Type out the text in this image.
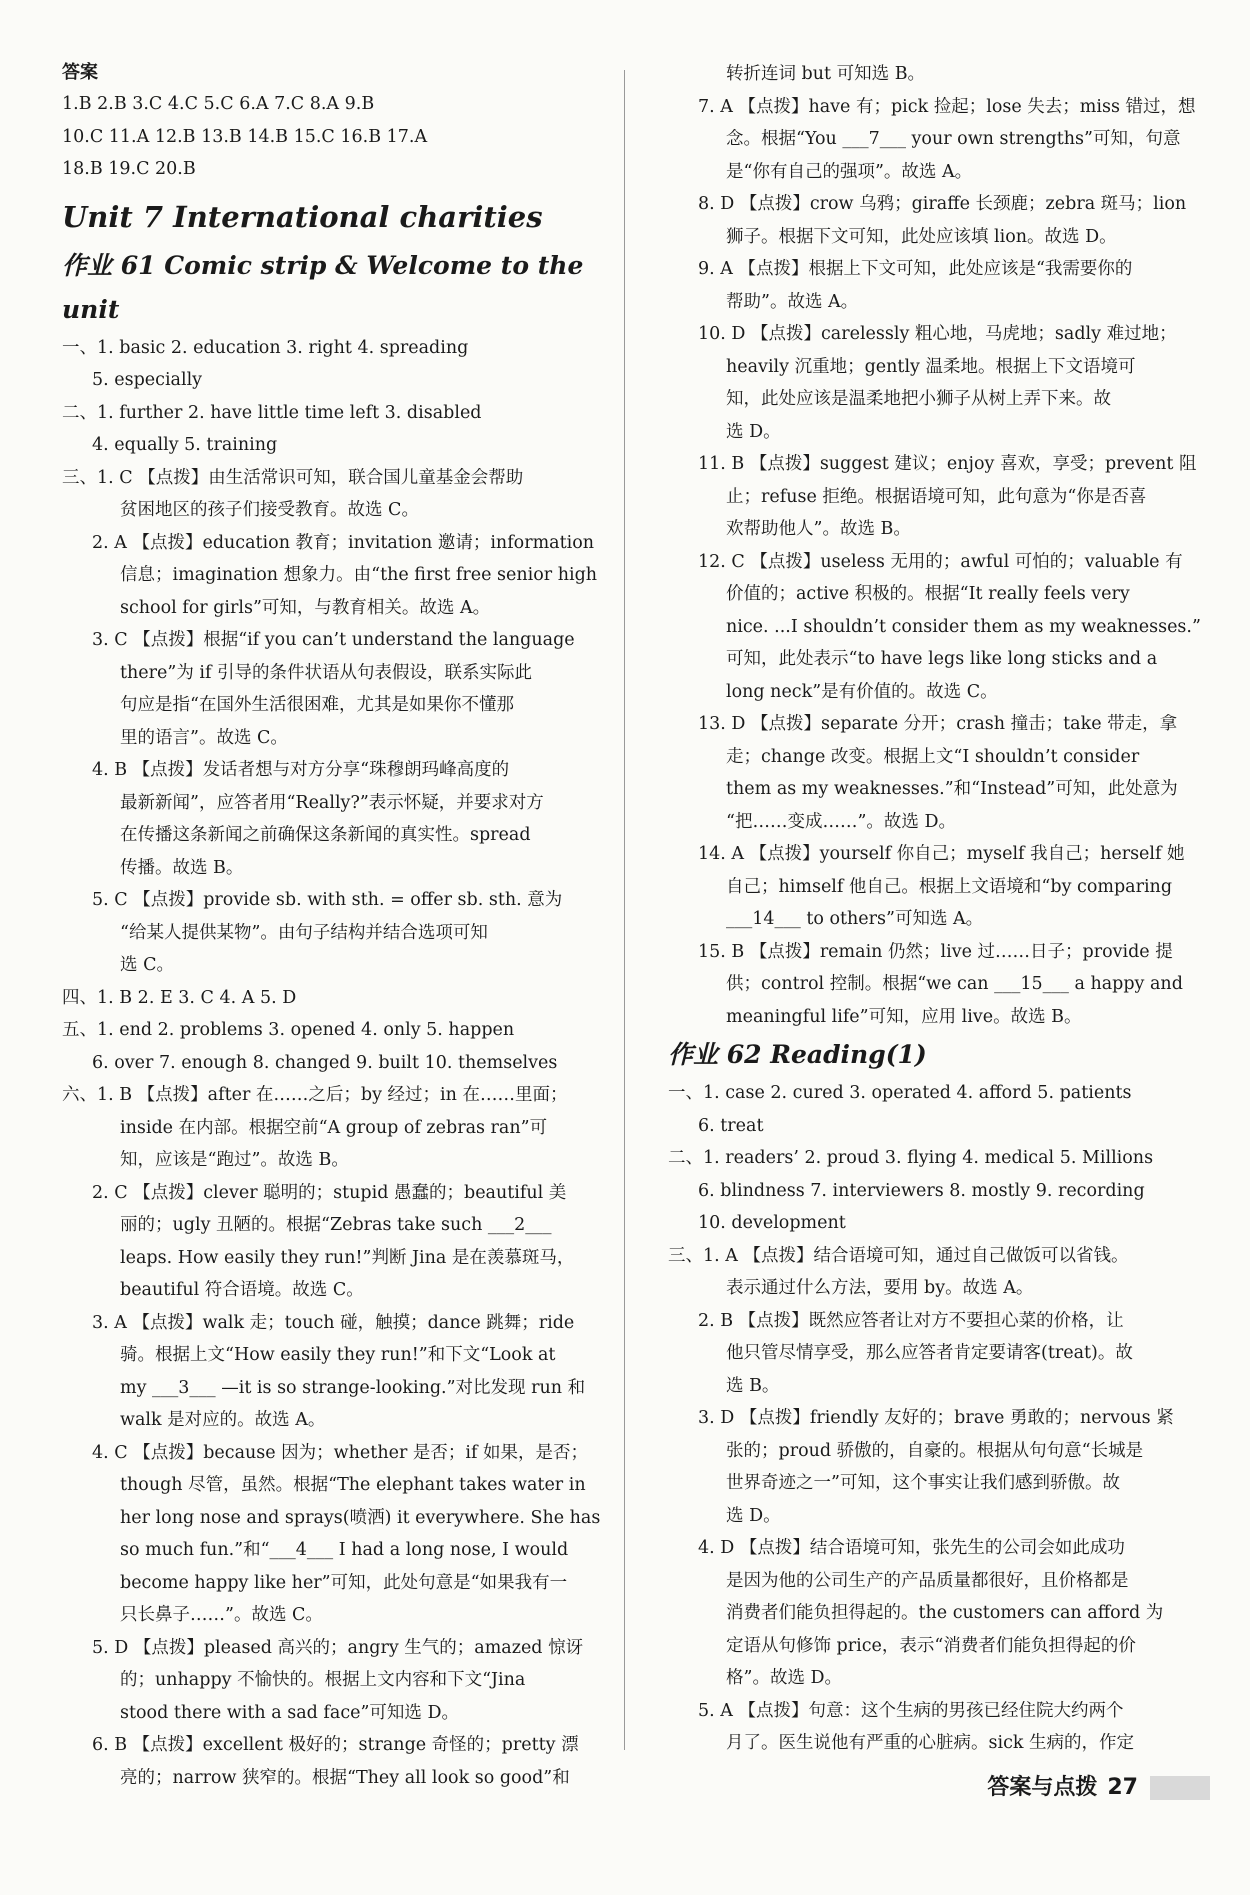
答案
1.B 2.B 3.C 4.C 5.C 6.A 7.C 8.A 9.B
10.C 11.A 12.B 13.B 14.B 15.C 16.B 17.A
18.B 19.C 20.B
Unit 7 International charities
作业 61 Comic strip & Welcome to the unit
一、1. basic 2. education 3. right 4. spreading
5. especially
二、1. further 2. have little time left 3. disabled
4. equally 5. training
三、1. C 【点拨】由生活常识可知，联合国儿童基金会帮助
贫困地区的孩子们接受教育。故选 C。
2. A 【点拨】education 教育；invitation 邀请；information
信息；imagination 想象力。由“the first free senior high
school for girls”可知，与教育相关。故选 A。
3. C 【点拨】根据“if you can’t understand the language
there”为 if 引导的条件状语从句表假设，联系实际此
句应是指“在国外生活很困难，尤其是如果你不懂那
里的语言”。故选 C。
4. B 【点拨】发话者想与对方分享“珠穆朗玛峰高度的
最新新闻”，应答者用“Really?”表示怀疑，并要求对方
在传播这条新闻之前确保这条新闻的真实性。spread
传播。故选 B。
5. C 【点拨】provide sb. with sth. = offer sb. sth. 意为
“给某人提供某物”。由句子结构并结合选项可知
选 C。
四、1. B 2. E 3. C 4. A 5. D
五、1. end 2. problems 3. opened 4. only 5. happen
6. over 7. enough 8. changed 9. built 10. themselves
六、1. B 【点拨】after 在……之后；by 经过；in 在……里面；
inside 在内部。根据空前“A group of zebras ran”可
知，应该是“跑过”。故选 B。
2. C 【点拨】clever 聪明的；stupid 愚蠢的；beautiful 美
丽的；ugly 丑陋的。根据“Zebras take such ___2___
leaps. How easily they run!”判断 Jina 是在羡慕斑马，
beautiful 符合语境。故选 C。
3. A 【点拨】walk 走；touch 碰，触摸；dance 跳舞；ride
骑。根据上文“How easily they run!”和下文“Look at
my ___3___ —it is so strange-looking.”对比发现 run 和
walk 是对应的。故选 A。
4. C 【点拨】because 因为；whether 是否；if 如果，是否；
though 尽管，虽然。根据“The elephant takes water in
her long nose and sprays(喷洒) it everywhere. She has
so much fun.”和“___4___ I had a long nose, I would
become happy like her”可知，此处句意是“如果我有一
只长鼻子……”。故选 C。
5. D 【点拨】pleased 高兴的；angry 生气的；amazed 惊讶
的；unhappy 不愉快的。根据上文内容和下文“Jina
stood there with a sad face”可知选 D。
6. B 【点拨】excellent 极好的；strange 奇怪的；pretty 漂
亮的；narrow 狭窄的。根据“They all look so good”和
转折连词 but 可知选 B。
7. A 【点拨】have 有；pick 捡起；lose 失去；miss 错过，想
念。根据“You ___7___ your own strengths”可知，句意
是“你有自己的强项”。故选 A。
8. D 【点拨】crow 乌鸦；giraffe 长颈鹿；zebra 斑马；lion
狮子。根据下文可知，此处应该填 lion。故选 D。
9. A 【点拨】根据上下文可知，此处应该是“我需要你的
帮助”。故选 A。
10. D 【点拨】carelessly 粗心地，马虎地；sadly 难过地；
heavily 沉重地；gently 温柔地。根据上下文语境可
知，此处应该是温柔地把小狮子从树上弄下来。故
选 D。
11. B 【点拨】suggest 建议；enjoy 喜欢，享受；prevent 阻
止；refuse 拒绝。根据语境可知，此句意为“你是否喜
欢帮助他人”。故选 B。
12. C 【点拨】useless 无用的；awful 可怕的；valuable 有
价值的；active 积极的。根据“It really feels very
nice. ...I shouldn’t consider them as my weaknesses.”
可知，此处表示“to have legs like long sticks and a
long neck”是有价值的。故选 C。
13. D 【点拨】separate 分开；crash 撞击；take 带走，拿
走；change 改变。根据上文“I shouldn’t consider
them as my weaknesses.”和“Instead”可知，此处意为
“把……变成……”。故选 D。
14. A 【点拨】yourself 你自己；myself 我自己；herself 她
自己；himself 他自己。根据上文语境和“by comparing
___14___ to others”可知选 A。
15. B 【点拨】remain 仍然；live 过……日子；provide 提
供；control 控制。根据“we can ___15___ a happy and
meaningful life”可知，应用 live。故选 B。
作业 62 Reading(1)
一、1. case 2. cured 3. operated 4. afford 5. patients
6. treat
二、1. readers’ 2. proud 3. flying 4. medical 5. Millions
6. blindness 7. interviewers 8. mostly 9. recording
10. development
三、1. A 【点拨】结合语境可知，通过自己做饭可以省钱。
表示通过什么方法，要用 by。故选 A。
2. B 【点拨】既然应答者让对方不要担心菜的价格，让
他只管尽情享受，那么应答者肯定要请客(treat)。故
选 B。
3. D 【点拨】friendly 友好的；brave 勇敢的；nervous 紧
张的；proud 骄傲的，自豪的。根据从句句意“长城是
世界奇迹之一”可知，这个事实让我们感到骄傲。故
选 D。
4. D 【点拨】结合语境可知，张先生的公司会如此成功
是因为他的公司生产的产品质量都很好，且价格都是
消费者们能负担得起的。the customers can afford 为
定语从句修饰 price，表示“消费者们能负担得起的价
格”。故选 D。
5. A 【点拨】句意：这个生病的男孩已经住院大约两个
月了。医生说他有严重的心脏病。sick 生病的，作定
答案与点拨 27
